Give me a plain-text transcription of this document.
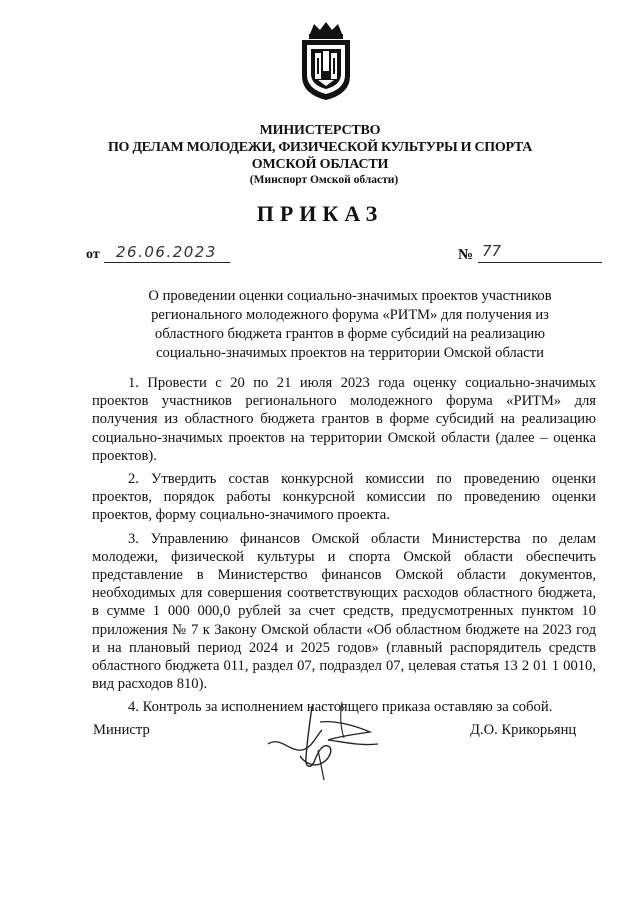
МИНИСТЕРСТВО
ПО ДЕЛАМ МОЛОДЕЖИ, ФИЗИЧЕСКОЙ КУЛЬТУРЫ И СПОРТА
ОМСКОЙ ОБЛАСТИ
(Минспорт Омской области)
ПРИКАЗ
от 26.06.2023	№ 77
О проведении оценки социально-значимых проектов участников регионального молодежного форума «РИТМ» для получения из областного бюджета грантов в форме субсидий на реализацию социально-значимых проектов на территории Омской области

1. Провести с 20 по 21 июля 2023 года оценку социально-значимых проектов участников регионального молодежного форума «РИТМ» для получения из областного бюджета грантов в форме субсидий на реализацию социально-значимых проектов на территории Омской области (далее – оценка проектов).

2. Утвердить состав конкурсной комиссии по проведению оценки проектов, порядок работы конкурсной комиссии по проведению оценки проектов, форму социально-значимого проекта.

3. Управлению финансов Омской области Министерства по делам молодежи, физической культуры и спорта Омской области обеспечить представление в Министерство финансов Омской области документов, необходимых для совершения соответствующих расходов областного бюджета, в сумме 1 000 000,0 рублей за счет средств, предусмотренных пунктом 10 приложения № 7 к Закону Омской области «Об областном бюджете на 2023 год и на плановый период 2024 и 2025 годов» (главный распорядитель средств областного бюджета 011, раздел 07, подраздел 07, целевая статья 13 2 01 1 0010, вид расходов 810).

4. Контроль за исполнением настоящего приказа оставляю за собой.

Министр	Д.О. Крикорьянц
